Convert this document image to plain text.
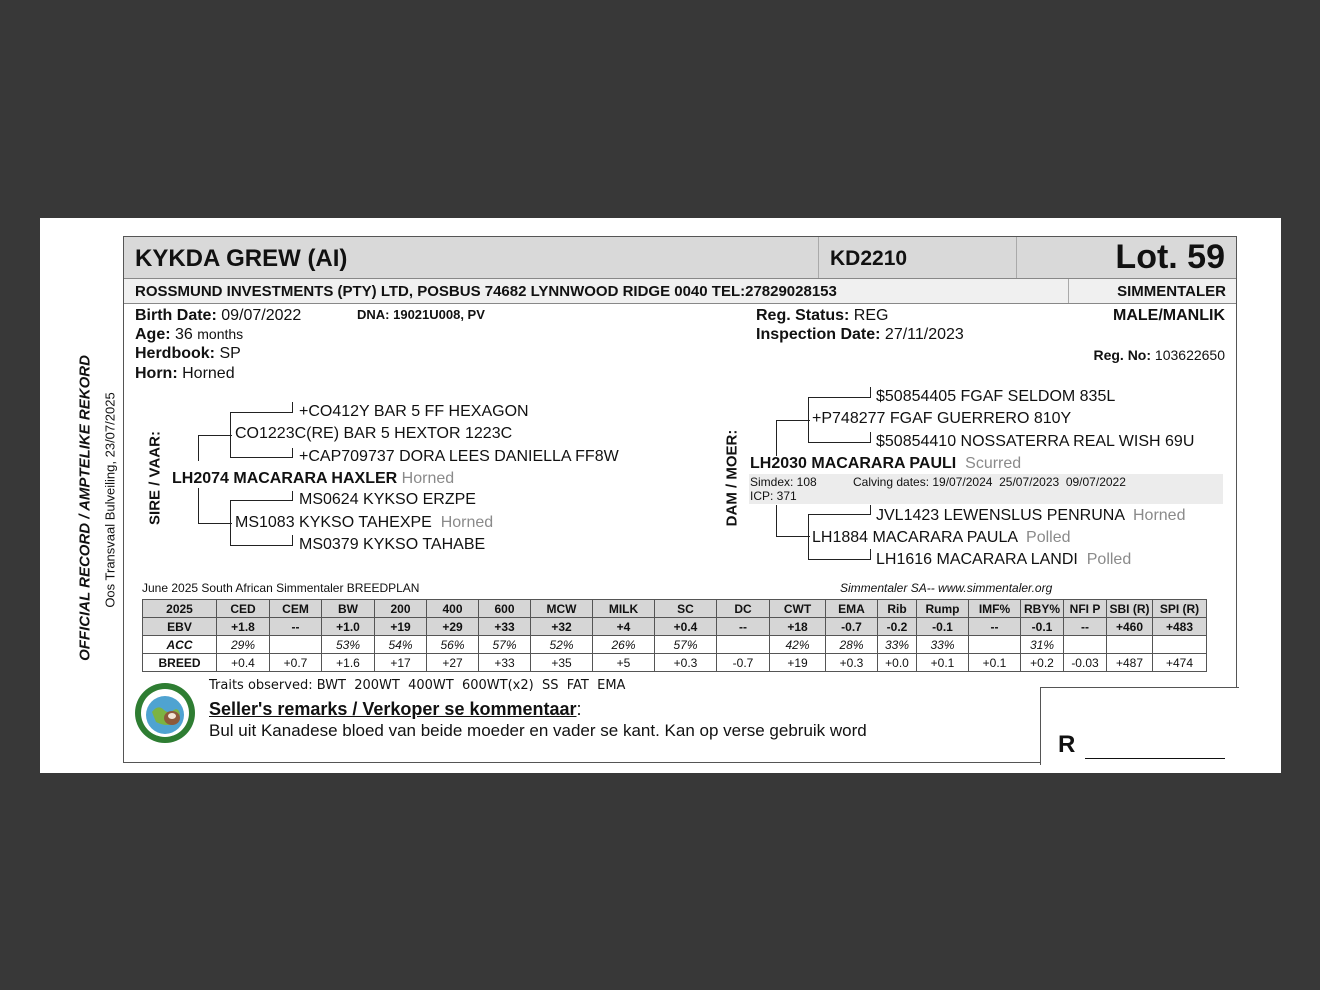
OFFICIAL RECORD / AMPTELIKE REKORD Oos Transvaal Bulveiling, 23/07/2025
KYKDA GREW (AI)	KD2210	Lot. 59
ROSSMUND INVESTMENTS (PTY) LTD, POSBUS 74682 LYNNWOOD RIDGE 0040 TEL:27829028153	SIMMENTALER
Birth Date: 09/07/2022	DNA: 19021U008, PV
Age: 36 months
Herdbook: SP
Horn: Horned
Reg. Status: REG
Inspection Date: 27/11/2023
MALE/MANLIK
Reg. No: 103622650
SIRE / VAAR:
+CO412Y BAR 5 FF HEXAGON
CO1223C(RE) BAR 5 HEXTOR 1223C
+CAP709737 DORA LEES DANIELLA FF8W
LH2074 MACARARA HAXLER Horned
MS0624 KYKSO ERZPE
MS1083 KYKSO TAHEXPE Horned
MS0379 KYKSO TAHABE
DAM / MOER:
$50854405 FGAF SELDOM 835L
+P748277 FGAF GUERRERO 810Y
$50854410 NOSSATERRA REAL WISH 69U
LH2030 MACARARA PAULI Scurred
Simdex: 108
ICP: 371
Calving dates: 19/07/2024  25/07/2023  09/07/2022
JVL1423 LEWENSLUS PENRUNA Horned
LH1884 MACARARA PAULA Polled
LH1616 MACARARA LANDI Polled
June 2025 South African Simmentaler BREEDPLAN	Simmentaler SA-- www.simmentaler.org
2025	CED	CEM	BW	200	400	600	MCW	MILK	SC	DC	CWT	EMA	Rib	Rump	IMF%	RBY%	NFI P	SBI (R)	SPI (R)
EBV	+1.8	--	+1.0	+19	+29	+33	+32	+4	+0.4	--	+18	-0.7	-0.2	-0.1	--	-0.1	--	+460	+483
ACC	29%		53%	54%	56%	57%	52%	26%	57%		42%	28%	33%	33%		31%			
BREED	+0.4	+0.7	+1.6	+17	+27	+33	+35	+5	+0.3	-0.7	+19	+0.3	+0.0	+0.1	+0.1	+0.2	-0.03	+487	+474
Traits observed: BWT  200WT  400WT  600WT(x2)  SS  FAT  EMA
Seller's remarks / Verkoper se kommentaar:
Bul uit Kanadese bloed van beide moeder en vader se kant. Kan op verse gebruik word
R
